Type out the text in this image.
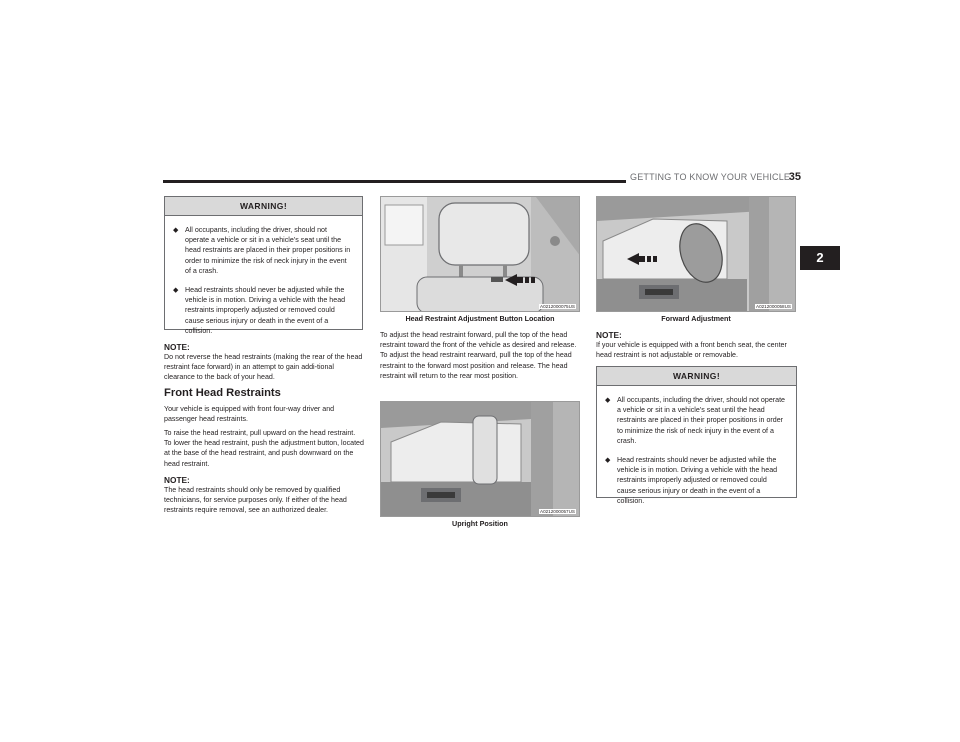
GETTING TO KNOW YOUR VEHICLE
35
2
WARNING!
◆ All occupants, including the driver, should not operate a vehicle or sit in a vehicle’s seat until the head restraints are placed in their proper positions in order to minimize the risk of neck injury in the event of a crash.
◆ Head restraints should never be adjusted while the vehicle is in motion. Driving a vehicle with the head restraints improperly adjusted or removed could cause serious injury or death in the event of a collision.
NOTE:
Do not reverse the head restraints (making the rear of the head restraint face forward) in an attempt to gain addi-tional clearance to the back of your head.
Front Head Restraints
Your vehicle is equipped with front four-way driver and passenger head restraints.
To raise the head restraint, pull upward on the head restraint. To lower the head restraint, push the adjustment button, located at the base of the head restraint, and push downward on the head restraint.
NOTE:
The head restraints should only be removed by qualified technicians, for service purposes only. If either of the head restraints require removal, see an authorized dealer.
A0212000075US
Head Restraint Adjustment Button Location
To adjust the head restraint forward, pull the top of the head restraint toward the front of the vehicle as desired and release. To adjust the head restraint rearward, pull the top of the head restraint to the forward most position and release. The head restraint will return to the rear most position.
A0212000057US
Upright Position
A0212000058US
Forward Adjustment
NOTE:
If your vehicle is equipped with a front bench seat, the center head restraint is not adjustable or removable.
WARNING!
◆ All occupants, including the driver, should not operate a vehicle or sit in a vehicle’s seat until the head restraints are placed in their proper positions in order to minimize the risk of neck injury in the event of a crash.
◆ Head restraints should never be adjusted while the vehicle is in motion. Driving a vehicle with the head restraints improperly adjusted or removed could cause serious injury or death in the event of a collision.
